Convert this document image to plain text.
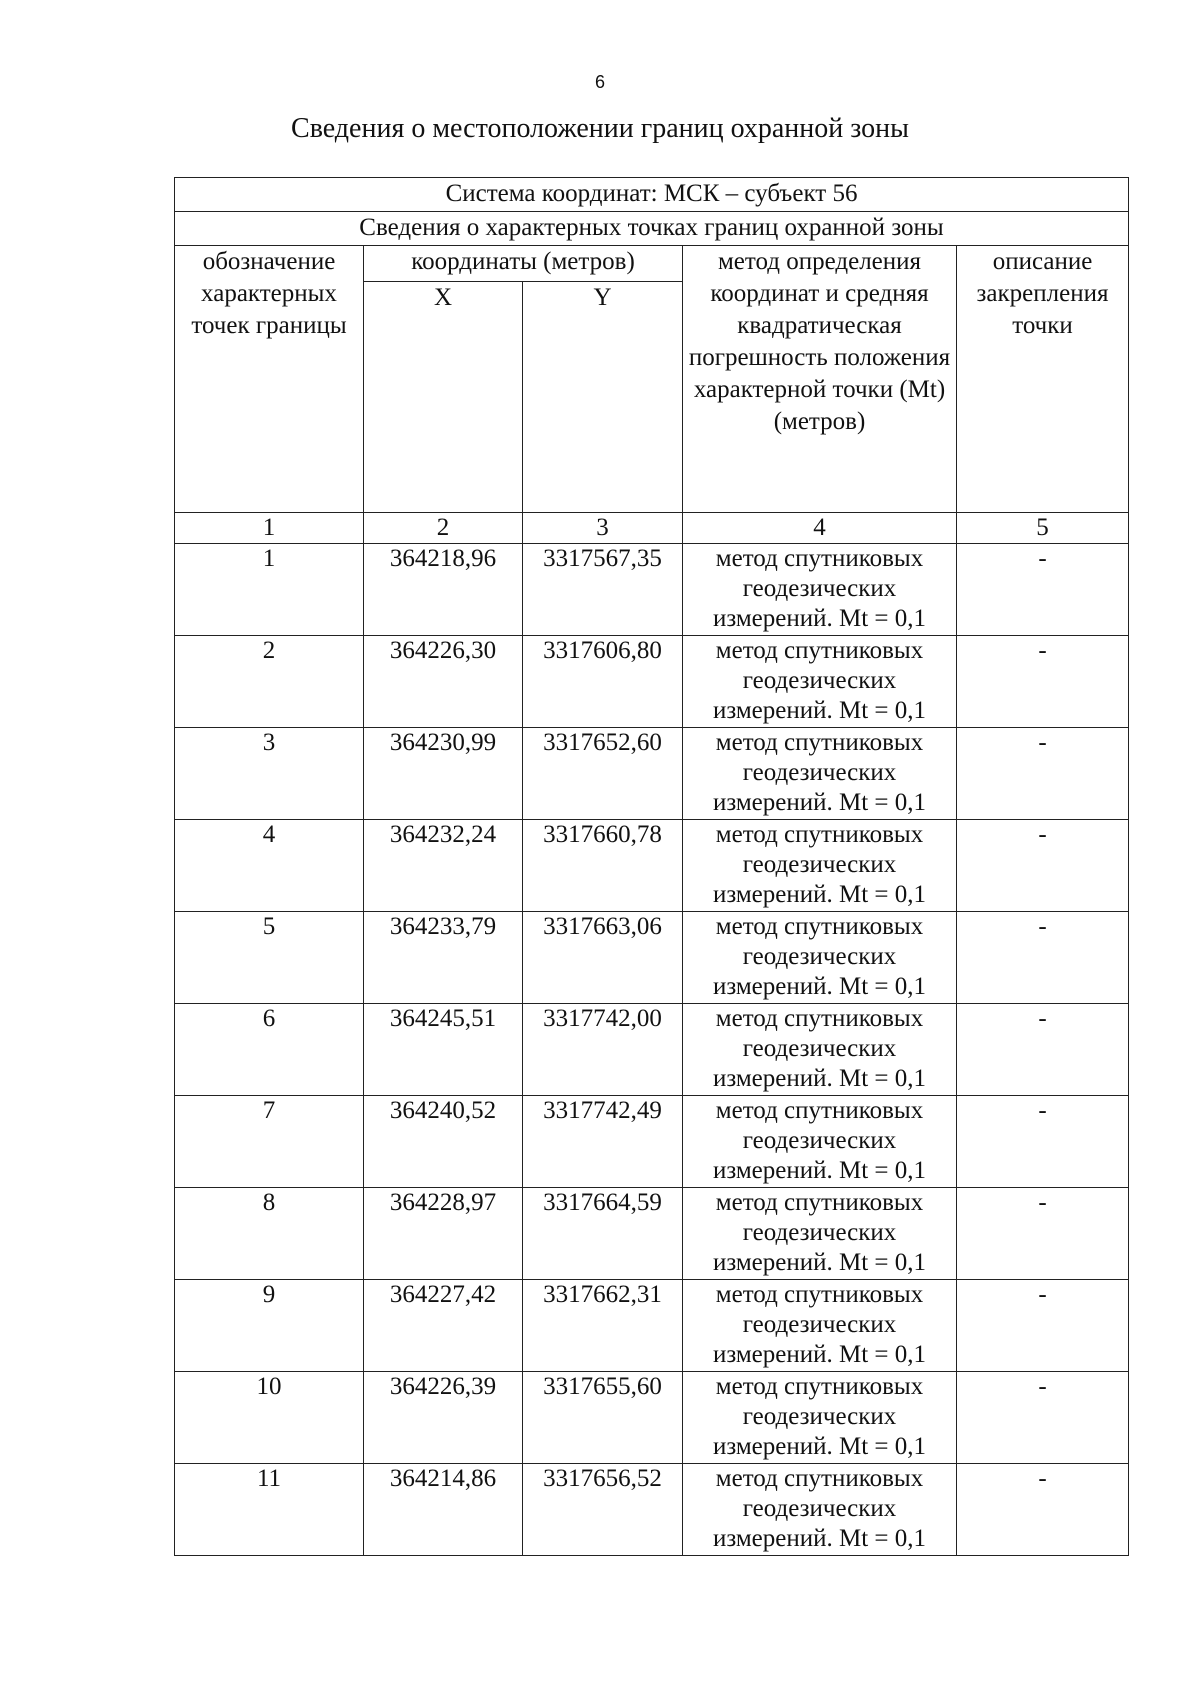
6
Сведения о местоположении границ охранной зоны
Система координат: МСК – субъект 56				
Сведения о характерных точках границ охранной зоны				
обозначение характерных точек границы	координаты (метров)		метод определения координат и средняя квадратическая погрешность положения характерной точки (Mt) (метров)	описание закрепления точки
	X	Y		
1	2	3	4	5
1	364218,96	3317567,35	метод спутниковых геодезических измерений. Mt = 0,1	-
2	364226,30	3317606,80	метод спутниковых геодезических измерений. Mt = 0,1	-
3	364230,99	3317652,60	метод спутниковых геодезических измерений. Mt = 0,1	-
4	364232,24	3317660,78	метод спутниковых геодезических измерений. Mt = 0,1	-
5	364233,79	3317663,06	метод спутниковых геодезических измерений. Mt = 0,1	-
6	364245,51	3317742,00	метод спутниковых геодезических измерений. Mt = 0,1	-
7	364240,52	3317742,49	метод спутниковых геодезических измерений. Mt = 0,1	-
8	364228,97	3317664,59	метод спутниковых геодезических измерений. Mt = 0,1	-
9	364227,42	3317662,31	метод спутниковых геодезических измерений. Mt = 0,1	-
10	364226,39	3317655,60	метод спутниковых геодезических измерений. Mt = 0,1	-
11	364214,86	3317656,52	метод спутниковых геодезических измерений. Mt = 0,1	-
